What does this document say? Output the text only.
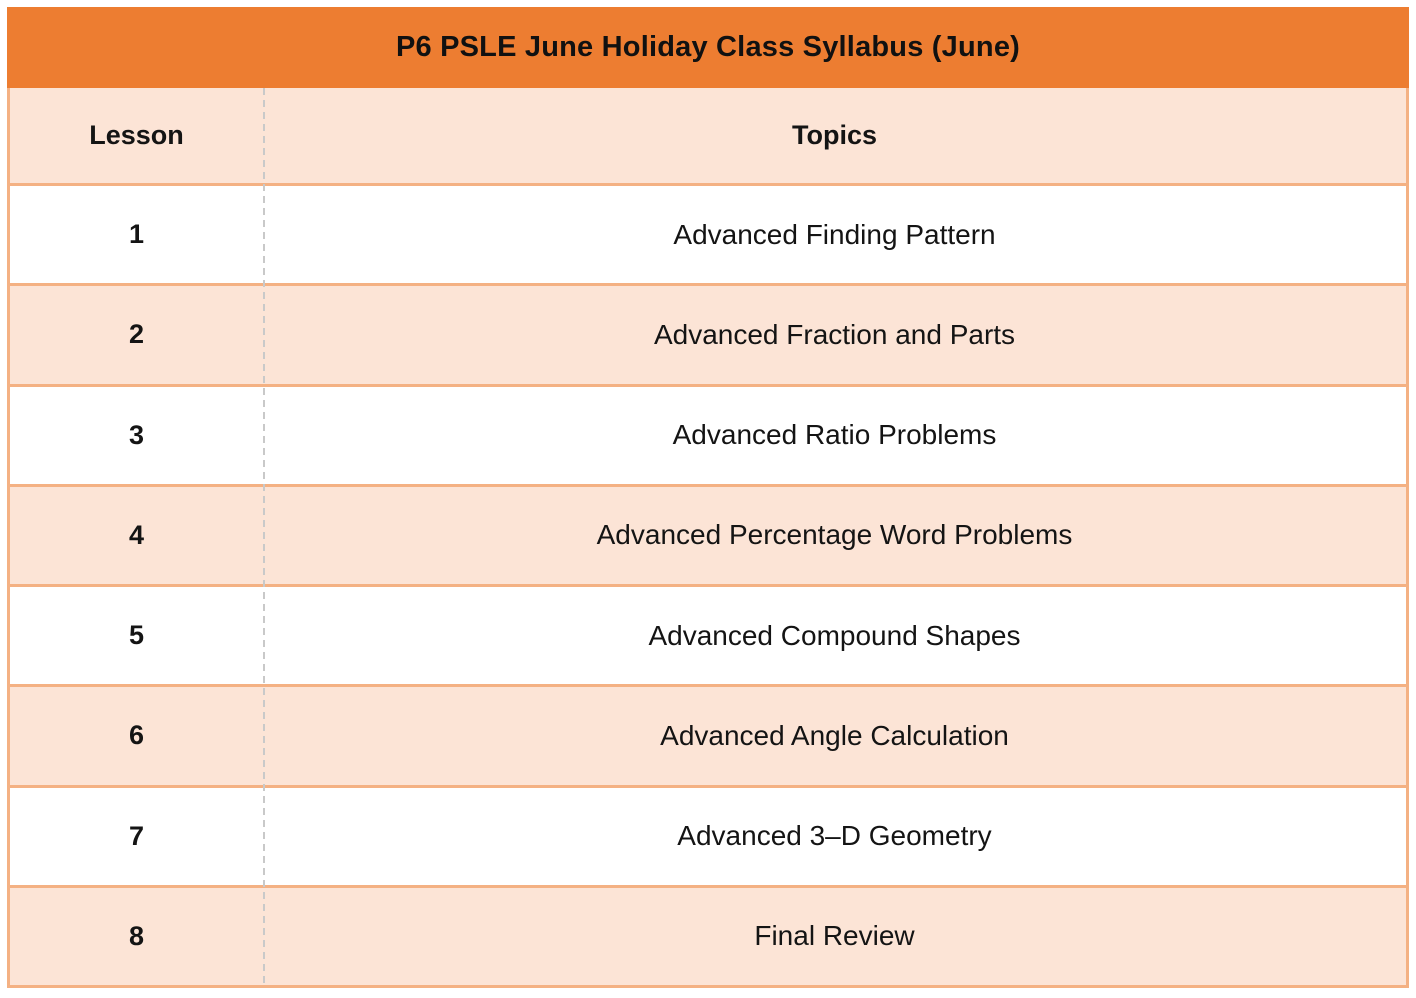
P6 PSLE June Holiday Class Syllabus (June)
Lesson	Topics
1	Advanced Finding Pattern
2	Advanced Fraction and Parts
3	Advanced Ratio Problems
4	Advanced Percentage Word Problems
5	Advanced Compound Shapes
6	Advanced Angle Calculation
7	Advanced 3–D Geometry
8	Final Review
